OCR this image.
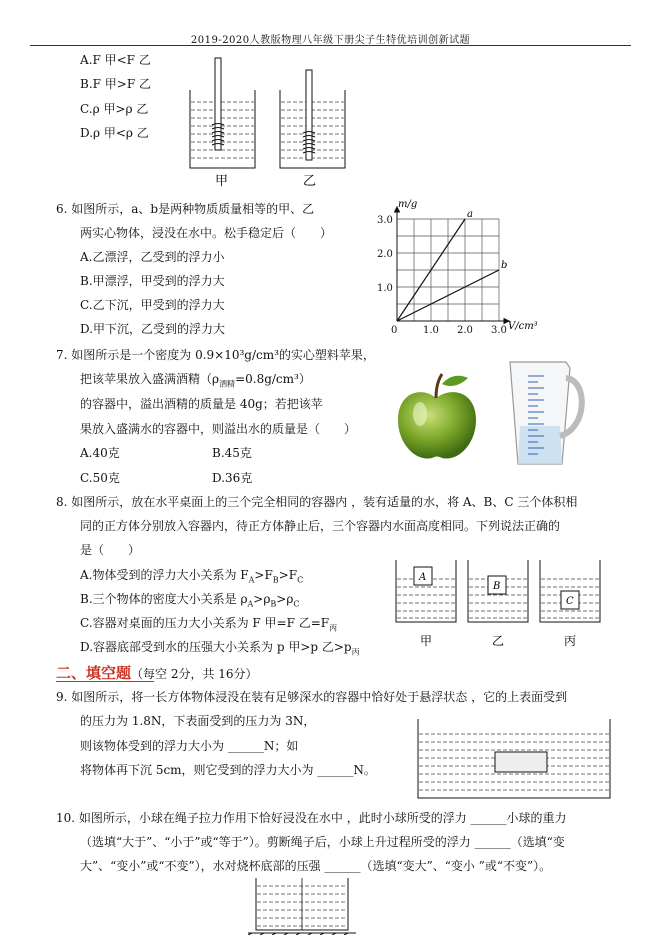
2019-2020人教版物理八年级下册尖子生特优培训创新试题
A.F 甲<F 乙
B.F 甲>F 乙
C.ρ 甲>ρ 乙
D.ρ 甲<ρ 乙
甲	乙
6. 如图所示，a、b是两种物质质量相等的甲、乙
两实心物体，浸没在水中。松手稳定后（　　）
A.乙漂浮，乙受到的浮力小
B.甲漂浮，甲受到的浮力大
C.乙下沉，甲受到的浮力大
D.甲下沉，乙受到的浮力大
a
b
0	1.0 2.0 3.0
1.0
2.0
3.0
m/g
V/cm³
7. 如图所示是一个密度为 0.9×10³g/cm³的实心塑料苹果，
把该苹果放入盛满酒精$(\rho_{酒精}=0.8g/cm^3)$
的容器中，溢出酒精的质量是 40g；若把该苹
果放入盛满水的容器中，则溢出水的质量是（　　）
A.40克	B.45克
C.50克	D.36克
8. 如图所示，放在水平桌面上的三个完全相同的容器内 ，装有适量的水，将 A、B、C 三个体积相
同的正方体分别放入容器内，待正方体静止后，三个容器内水面高度相同。下列说法正确的
是（　　）
A.物体受到的浮力大小关系为 $F_A>F_B>F_C$
B.三个物体的密度大小关系是 $\rho_A>\rho_B>\rho_C$
C.容器对桌面的压力大小关系为 F 甲=F 乙$=F_丙$
D.容器底部受到水的压强大小关系为 p 甲>p 乙$>p_丙$
A
B
C
甲	乙	丙
二、填空题（每空 2分，共 16分）
9. 如图所示，将一长方体物体浸没在装有足够深水的容器中恰好处于悬浮状态 ，它的上表面受到
的压力为 1.8N，下表面受到的压力为 3N，
则该物体受到的浮力大小为 ______N；如
将物体再下沉 5cm，则它受到的浮力大小为 ______N。
10. 如图所示，小球在绳子拉力作用下恰好浸没在水中 ，此时小球所受的浮力 ______小球的重力
（选填“大于”、“小于”或“等于”）。剪断绳子后，小球上升过程所受的浮力 ______（选填“变
大”、“变小”或“不变”），水对烧杯底部的压强 ______（选填“变大”、“变小 ”或“不变”）。
